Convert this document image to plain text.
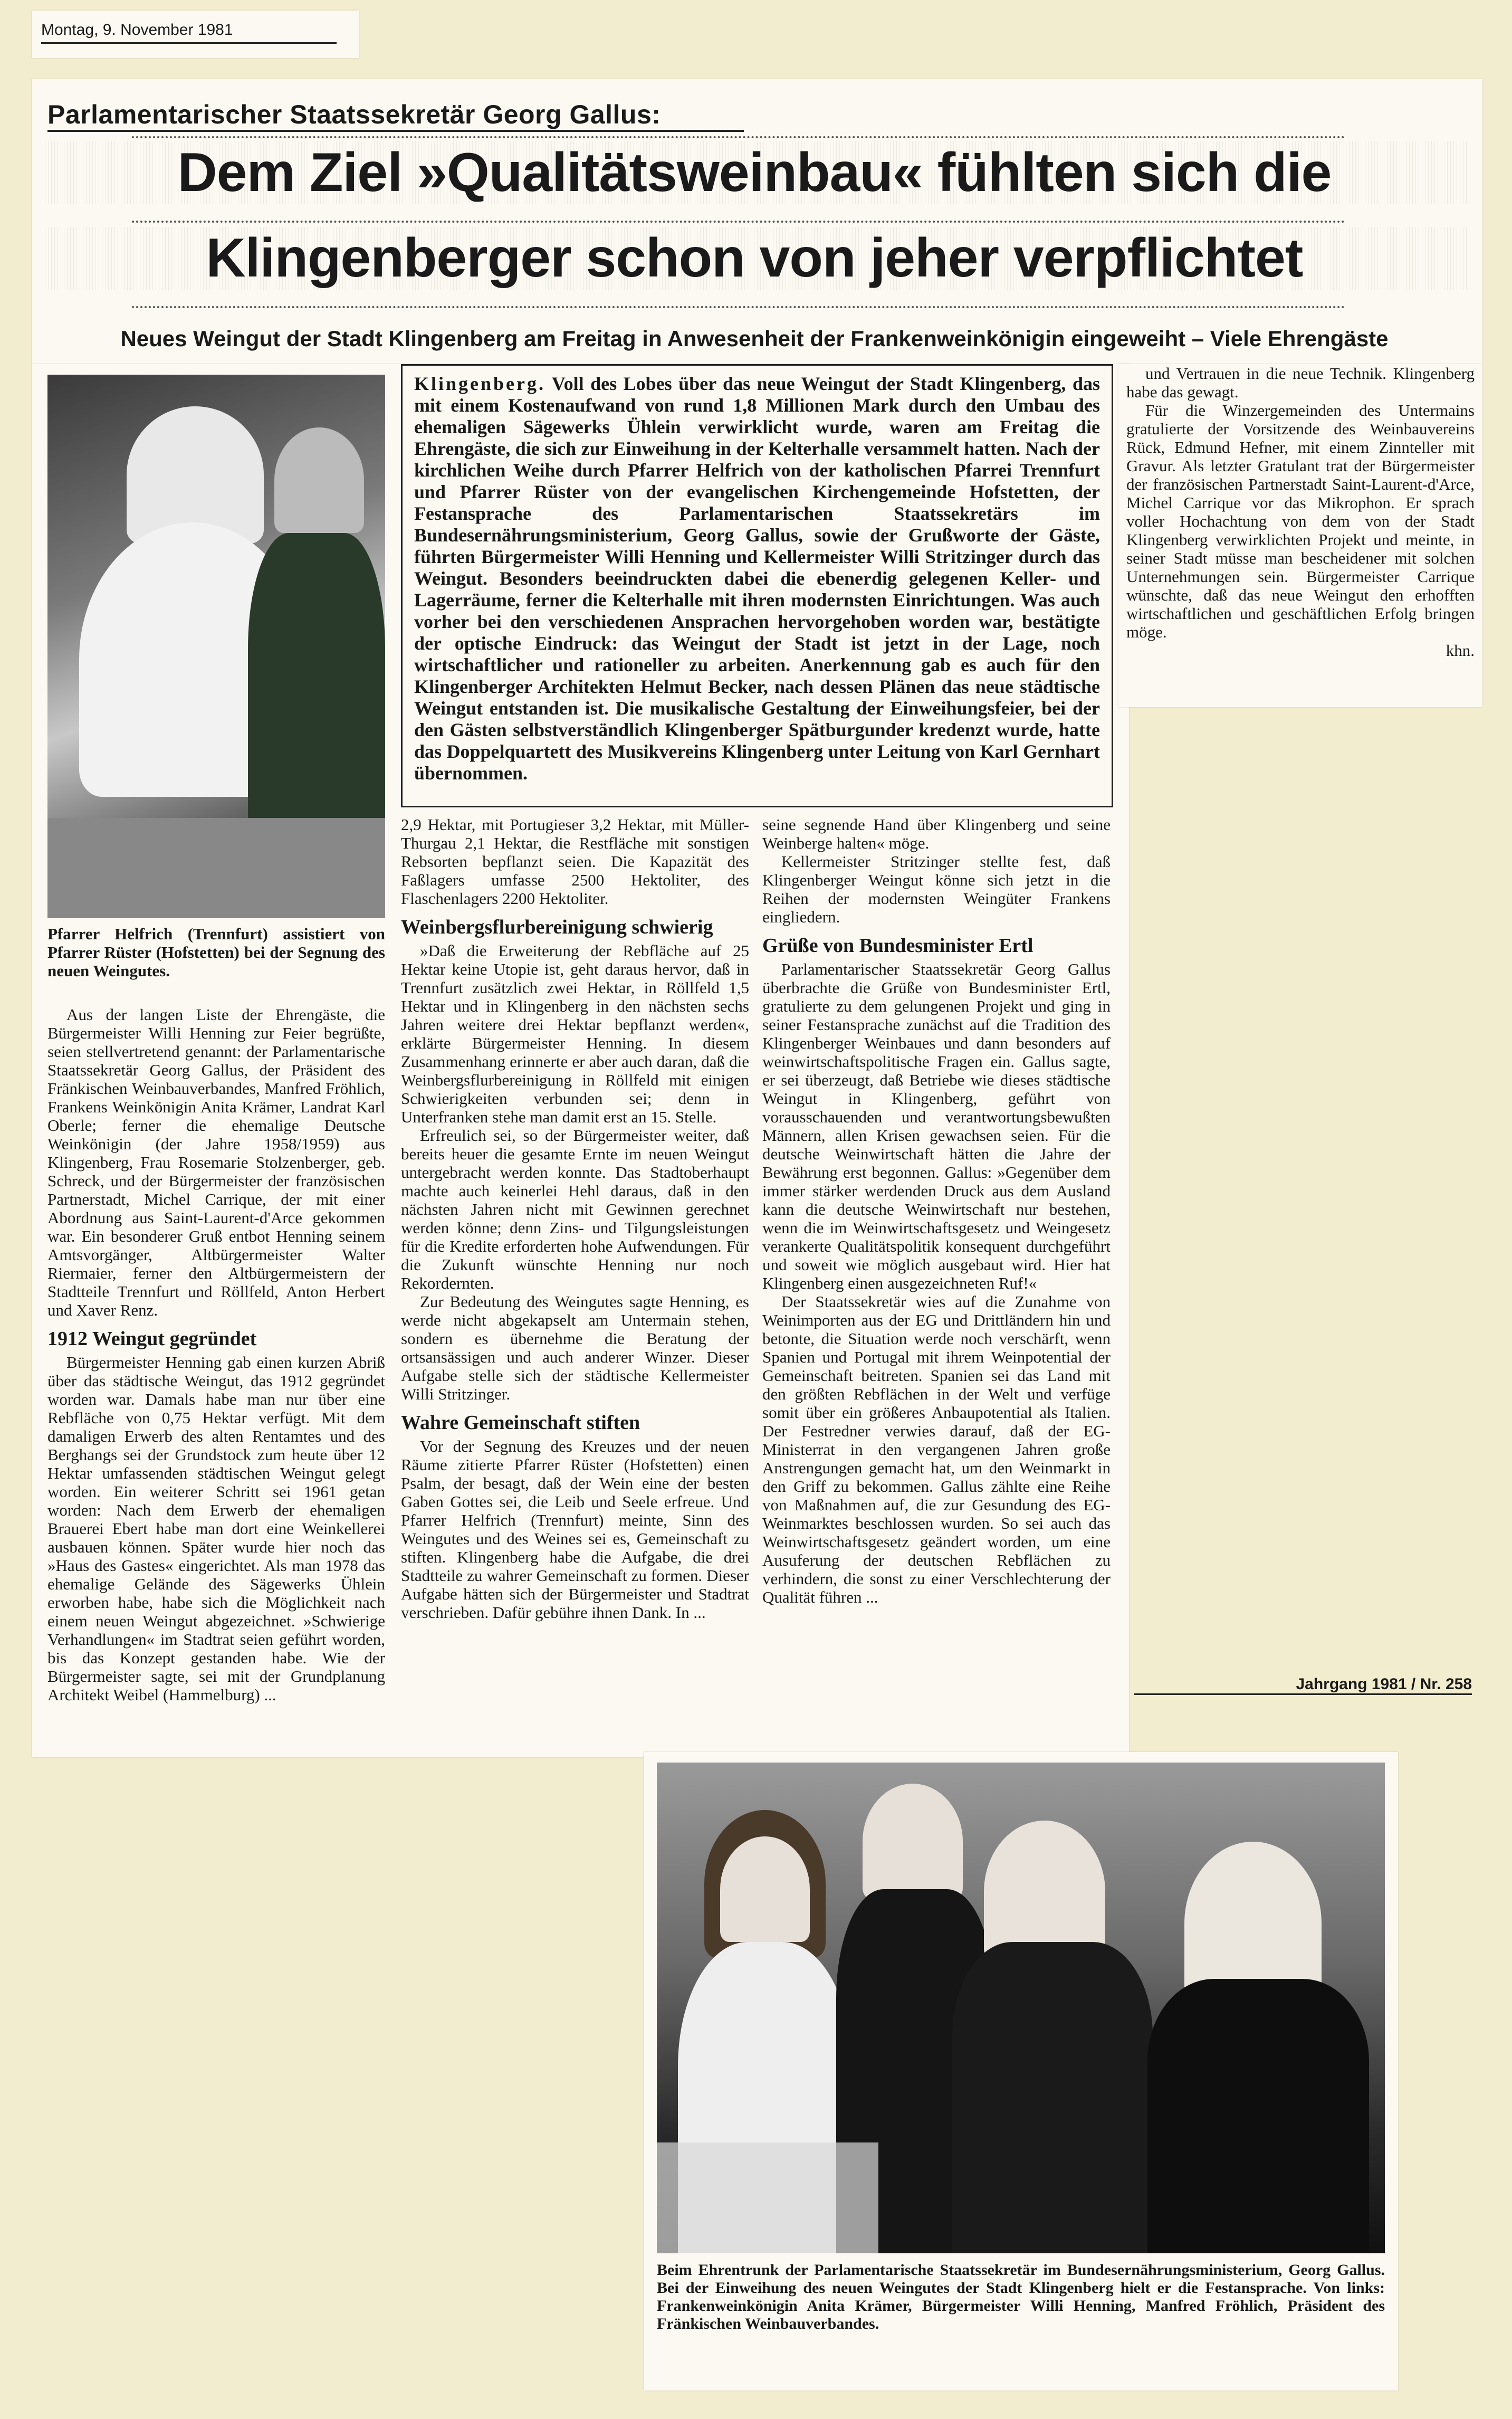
Montag, 9. November 1981
Parlamentarischer Staatssekretär Georg Gallus:
Dem Ziel »Qualitätsweinbau« fühlten sich die
Klingenberger schon von jeher verpflichtet
Neues Weingut der Stadt Klingenberg am Freitag in Anwesenheit der Frankenweinkönigin eingeweiht – Viele Ehrengäste
Pfarrer Helfrich (Trennfurt) assistiert von Pfarrer Rüster (Hofstetten) bei der Segnung des neuen Weingutes.
Klingenberg. Voll des Lobes über das neue Weingut der Stadt Klingenberg, das mit einem Kostenaufwand von rund 1,8 Millionen Mark durch den Umbau des ehemaligen Sägewerks Ühlein verwirklicht wurde, waren am Freitag die Ehrengäste, die sich zur Einweihung in der Kelterhalle versammelt hatten. Nach der kirchlichen Weihe durch Pfarrer Helfrich von der katholischen Pfarrei Trennfurt und Pfarrer Rüster von der evangelischen Kirchengemeinde Hofstetten, der Festansprache des Parlamentarischen Staatssekretärs im Bundesernährungsministerium, Georg Gallus, sowie der Grußworte der Gäste, führten Bürgermeister Willi Henning und Kellermeister Willi Stritzinger durch das Weingut. Besonders beeindruckten dabei die ebenerdig gelegenen Keller- und Lagerräume, ferner die Kelterhalle mit ihren modernsten Einrichtungen. Was auch vorher bei den verschiedenen Ansprachen hervorgehoben worden war, bestätigte der optische Eindruck: das Weingut der Stadt ist jetzt in der Lage, noch wirtschaftlicher und rationeller zu arbeiten. Anerkennung gab es auch für den Klingenberger Architekten Helmut Becker, nach dessen Plänen das neue städtische Weingut entstanden ist. Die musikalische Gestaltung der Einweihungsfeier, bei der den Gästen selbstverständlich Klingenberger Spätburgunder kredenzt wurde, hatte das Doppelquartett des Musikvereins Klingenberg unter Leitung von Karl Gernhart übernommen.

und Vertrauen in die neue Technik. Klingenberg habe das gewagt.

Für die Winzergemeinden des Untermains gratulierte der Vorsitzende des Weinbauvereins Rück, Edmund Hefner, mit einem Zinnteller mit Gravur. Als letzter Gratulant trat der Bürgermeister der französischen Partnerstadt Saint-Laurent-d'Arce, Michel Carrique vor das Mikrophon. Er sprach voller Hochachtung von dem von der Stadt Klingenberg verwirklichten Projekt und meinte, in seiner Stadt müsse man bescheidener mit solchen Unternehmungen sein. Bürgermeister Carrique wünschte, daß das neue Weingut den erhofften wirtschaftlichen und geschäftlichen Erfolg bringen möge.

khn.

Aus der langen Liste der Ehrengäste, die Bürgermeister Willi Henning zur Feier begrüßte, seien stellvertretend genannt: der Parlamentarische Staatssekretär Georg Gallus, der Präsident des Fränkischen Weinbauverbandes, Manfred Fröhlich, Frankens Weinkönigin Anita Krämer, Landrat Karl Oberle; ferner die ehemalige Deutsche Weinkönigin (der Jahre 1958/1959) aus Klingenberg, Frau Rosemarie Stolzenberger, geb. Schreck, und der Bürgermeister der französischen Partnerstadt, Michel Carrique, der mit einer Abordnung aus Saint-Laurent-d'Arce gekommen war. Ein besonderer Gruß entbot Henning seinem Amtsvorgänger, Altbürgermeister Walter Riermaier, ferner den Altbürgermeistern der Stadtteile Trennfurt und Röllfeld, Anton Herbert und Xaver Renz.

1912 Weingut gegründet

Bürgermeister Henning gab einen kurzen Abriß über das städtische Weingut, das 1912 gegründet worden war. Damals habe man nur über eine Rebfläche von 0,75 Hektar verfügt. Mit dem damaligen Erwerb des alten Rentamtes und des Berghangs sei der Grundstock zum heute über 12 Hektar umfassenden städtischen Weingut gelegt worden. Ein weiterer Schritt sei 1961 getan worden: Nach dem Erwerb der ehemaligen Brauerei Ebert habe man dort eine Weinkellerei ausbauen können. Später wurde hier noch das »Haus des Gastes« eingerichtet. Als man 1978 das ehemalige Gelände des Sägewerks Ühlein erworben habe, habe sich die Möglichkeit nach einem neuen Weingut abgezeichnet. »Schwierige Verhandlungen« im Stadtrat seien geführt worden, bis das Konzept gestanden habe. Wie der Bürgermeister sagte, sei mit der Grundplanung Architekt Weibel (Hammelburg) ...

2,9 Hektar, mit Portugieser 3,2 Hektar, mit Müller-Thurgau 2,1 Hektar, die Restfläche mit sonstigen Rebsorten bepflanzt seien. Die Kapazität des Faßlagers umfasse 2500 Hektoliter, des Flaschenlagers 2200 Hektoliter.

Weinbergsflurbereinigung schwierig

»Daß die Erweiterung der Rebfläche auf 25 Hektar keine Utopie ist, geht daraus hervor, daß in Trennfurt zusätzlich zwei Hektar, in Röllfeld 1,5 Hektar und in Klingenberg in den nächsten sechs Jahren weitere drei Hektar bepflanzt werden«, erklärte Bürgermeister Henning. In diesem Zusammenhang erinnerte er aber auch daran, daß die Weinbergsflurbereinigung in Röllfeld mit einigen Schwierigkeiten verbunden sei; denn in Unterfranken stehe man damit erst an 15. Stelle.

Erfreulich sei, so der Bürgermeister weiter, daß bereits heuer die gesamte Ernte im neuen Weingut untergebracht werden konnte. Das Stadtoberhaupt machte auch keinerlei Hehl daraus, daß in den nächsten Jahren nicht mit Gewinnen gerechnet werden könne; denn Zins- und Tilgungsleistungen für die Kredite erforderten hohe Aufwendungen. Für die Zukunft wünschte Henning nur noch Rekordernten.

Zur Bedeutung des Weingutes sagte Henning, es werde nicht abgekapselt am Untermain stehen, sondern es übernehme die Beratung der ortsansässigen und auch anderer Winzer. Dieser Aufgabe stelle sich der städtische Kellermeister Willi Stritzinger.

Wahre Gemeinschaft stiften

Vor der Segnung des Kreuzes und der neuen Räume zitierte Pfarrer Rüster (Hofstetten) einen Psalm, der besagt, daß der Wein eine der besten Gaben Gottes sei, die Leib und Seele erfreue. Und Pfarrer Helfrich (Trennfurt) meinte, Sinn des Weingutes und des Weines sei es, Gemeinschaft zu stiften. Klingenberg habe die Aufgabe, die drei Stadtteile zu wahrer Gemeinschaft zu formen. Dieser Aufgabe hätten sich der Bürgermeister und Stadtrat verschrieben. Dafür gebühre ihnen Dank. In ...

seine segnende Hand über Klingenberg und seine Weinberge halten« möge.

Kellermeister Stritzinger stellte fest, daß Klingenberger Weingut könne sich jetzt in die Reihen der modernsten Weingüter Frankens eingliedern.

Grüße von Bundesminister Ertl

Parlamentarischer Staatssekretär Georg Gallus überbrachte die Grüße von Bundesminister Ertl, gratulierte zu dem gelungenen Projekt und ging in seiner Festansprache zunächst auf die Tradition des Klingenberger Weinbaues und dann besonders auf weinwirtschaftspolitische Fragen ein. Gallus sagte, er sei überzeugt, daß Betriebe wie dieses städtische Weingut in Klingenberg, geführt von vorausschauenden und verantwortungsbewußten Männern, allen Krisen gewachsen seien. Für die deutsche Weinwirtschaft hätten die Jahre der Bewährung erst begonnen. Gallus: »Gegenüber dem immer stärker werdenden Druck aus dem Ausland kann die deutsche Weinwirtschaft nur bestehen, wenn die im Weinwirtschaftsgesetz und Weingesetz verankerte Qualitätspolitik konsequent durchgeführt und soweit wie möglich ausgebaut wird. Hier hat Klingenberg einen ausgezeichneten Ruf!«

Der Staatssekretär wies auf die Zunahme von Weinimporten aus der EG und Drittländern hin und betonte, die Situation werde noch verschärft, wenn Spanien und Portugal mit ihrem Weinpotential der Gemeinschaft beitreten. Spanien sei das Land mit den größten Rebflächen in der Welt und verfüge somit über ein größeres Anbaupotential als Italien. Der Festredner verwies darauf, daß der EG-Ministerrat in den vergangenen Jahren große Anstrengungen gemacht hat, um den Weinmarkt in den Griff zu bekommen. Gallus zählte eine Reihe von Maßnahmen auf, die zur Gesundung des EG-Weinmarktes beschlossen wurden. So sei auch das Weinwirtschaftsgesetz geändert worden, um eine Ausuferung der deutschen Rebflächen zu verhindern, die sonst zu einer Verschlechterung der Qualität führen ...

Jahrgang 1981 / Nr. 258
Beim Ehrentrunk der Parlamentarische Staatssekretär im Bundesernährungsministerium, Georg Gallus. Bei der Einweihung des neuen Weingutes der Stadt Klingenberg hielt er die Festansprache. Von links: Frankenweinkönigin Anita Krämer, Bürgermeister Willi Henning, Manfred Fröhlich, Präsident des Fränkischen Weinbauverbandes.
